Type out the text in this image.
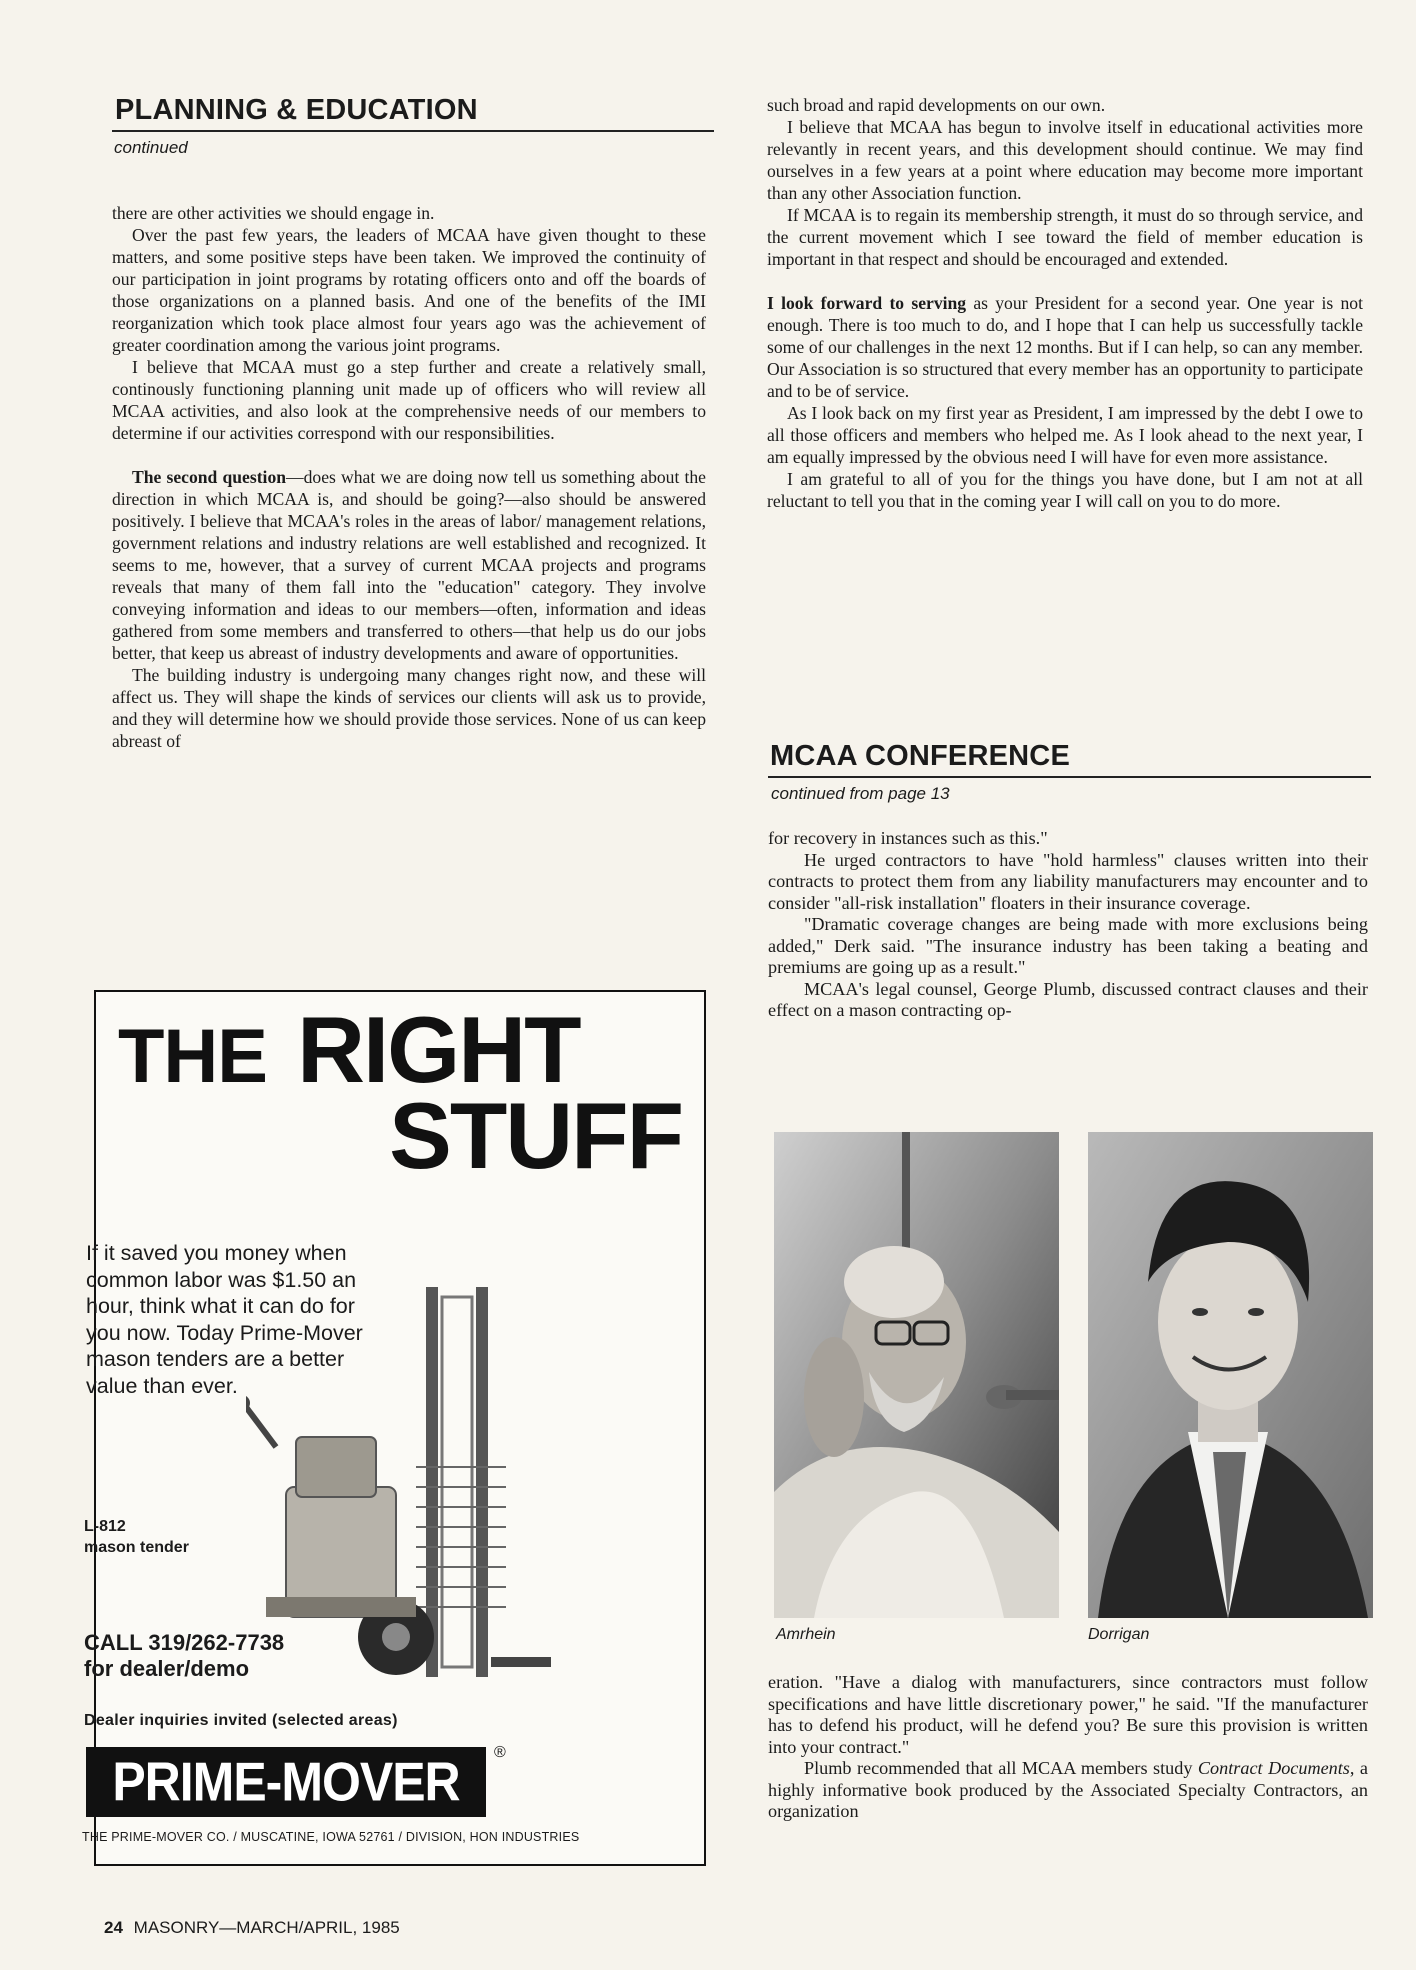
PLANNING & EDUCATION
continued

there are other activities we should engage in.

Over the past few years, the leaders of MCAA have given thought to these matters, and some positive steps have been taken. We improved the continuity of our participation in joint programs by rotating officers onto and off the boards of those organizations on a planned basis. And one of the benefits of the IMI reorganization which took place almost four years ago was the achievement of greater coordination among the various joint programs.

I believe that MCAA must go a step further and create a relatively small, continously functioning planning unit made up of officers who will review all MCAA activities, and also look at the comprehensive needs of our members to determine if our activities correspond with our responsibilities.

The second question—does what we are doing now tell us something about the direction in which MCAA is, and should be going?—also should be answered positively. I believe that MCAA's roles in the areas of labor/ management relations, government relations and industry relations are well established and recognized. It seems to me, however, that a survey of current MCAA projects and programs reveals that many of them fall into the "education" category. They involve conveying information and ideas to our members—often, information and ideas gathered from some members and transferred to others—that help us do our jobs better, that keep us abreast of industry developments and aware of opportunities.

The building industry is undergoing many changes right now, and these will affect us. They will shape the kinds of services our clients will ask us to provide, and they will determine how we should provide those services. None of us can keep abreast of

such broad and rapid developments on our own.

I believe that MCAA has begun to involve itself in educational activities more relevantly in recent years, and this development should continue. We may find ourselves in a few years at a point where education may become more important than any other Association function.

If MCAA is to regain its membership strength, it must do so through service, and the current movement which I see toward the field of member education is important in that respect and should be encouraged and extended.

I look forward to serving as your President for a second year. One year is not enough. There is too much to do, and I hope that I can help us successfully tackle some of our challenges in the next 12 months. But if I can help, so can any member. Our Association is so structured that every member has an opportunity to participate and to be of service.

As I look back on my first year as President, I am impressed by the debt I owe to all those officers and members who helped me. As I look ahead to the next year, I am equally impressed by the obvious need I will have for even more assistance.

I am grateful to all of you for the things you have done, but I am not at all reluctant to tell you that in the coming year I will call on you to do more.

MCAA CONFERENCE
continued from page 13

for recovery in instances such as this."

He urged contractors to have "hold harmless" clauses written into their contracts to protect them from any liability manufacturers may encounter and to consider "all-risk installation" floaters in their insurance coverage.

"Dramatic coverage changes are being made with more exclusions being added," Derk said. "The insurance industry has been taking a beating and premiums are going up as a result."

MCAA's legal counsel, George Plumb, discussed contract clauses and their effect on a mason contracting op-

Amrhein	Dorrigan

eration. "Have a dialog with manufacturers, since contractors must follow specifications and have little discretionary power," he said. "If the manufacturer has to defend his product, will he defend you? Be sure this provision is written into your contract."

Plumb recommended that all MCAA members study Contract Documents, a highly informative book produced by the Associated Specialty Contractors, an organization

THE RIGHT
STUFF
If it saved you money when
common labor was $1.50 an
hour, think what it can do for
you now. Today Prime-Mover
mason tenders are a better
value than ever.
L-812
mason tender
CALL 319/262-7738
for dealer/demo
Dealer inquiries invited (selected areas)
PRIME-MOVER	®
THE PRIME-MOVER CO. / MUSCATINE, IOWA 52761 / DIVISION, HON INDUSTRIES
24 MASONRY—MARCH/APRIL, 1985
